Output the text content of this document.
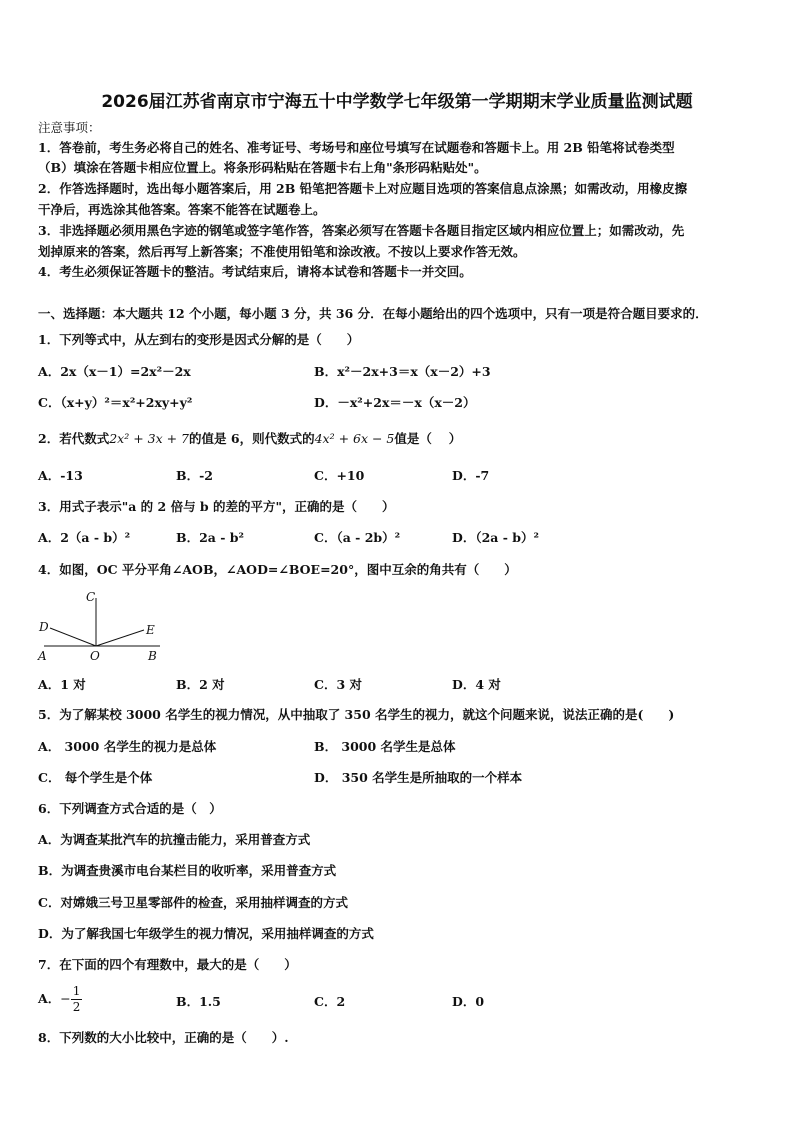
2026届江苏省南京市宁海五十中学数学七年级第一学期期末学业质量监测试题
注意事项：
1．答卷前，考生务必将自己的姓名、准考证号、考场号和座位号填写在试题卷和答题卡上。用 2B 铅笔将试卷类型
（B）填涂在答题卡相应位置上。将条形码粘贴在答题卡右上角"条形码粘贴处"。
2．作答选择题时，选出每小题答案后，用 2B 铅笔把答题卡上对应题目选项的答案信息点涂黑；如需改动，用橡皮擦
干净后，再选涂其他答案。答案不能答在试题卷上。
3．非选择题必须用黑色字迹的钢笔或签字笔作答，答案必须写在答题卡各题目指定区域内相应位置上；如需改动，先
划掉原来的答案，然后再写上新答案；不准使用铅笔和涂改液。不按以上要求作答无效。
4．考生必须保证答题卡的整洁。考试结束后，请将本试卷和答题卡一并交回。
一、选择题：本大题共 12 个小题，每小题 3 分，共 36 分．在每小题给出的四个选项中，只有一项是符合题目要求的．
1．下列等式中，从左到右的变形是因式分解的是（　　）
A．2x（x－1）=2x²－2x	B．x²－2x+3＝x（x－2）+3
C．（x+y）²＝x²+2xy+y²	D．－x²+2x＝－x（x－2）
2．若代数式2x² + 3x + 7的值是 6，则代数式的4x² + 6x − 5值是（　 ）
A．-13	B．-2	C．+10	D．-7
3．用式子表示"a 的 2 倍与 b 的差的平方"，正确的是（　　）
A．2（a - b）²	B．2a - b²	C．（a - 2b）²	D．（2a - b）²
4．如图，OC 平分平角∠AOB，∠AOD=∠BOE=20°，图中互余的角共有（　　）
C
D	E
A	O	B
A．1 对	B．2 对	C．3 对	D．4 对
5．为了解某校 3000 名学生的视力情况，从中抽取了 350 名学生的视力，就这个问题来说，说法正确的是(　　)
A． 3000 名学生的视力是总体	B． 3000 名学生是总体
C． 每个学生是个体	D． 350 名学生是所抽取的一个样本
6．下列调查方式合适的是（　）
A．为调查某批汽车的抗撞击能力，采用普查方式
B．为调查贵溪市电台某栏目的收听率，采用普查方式
C．对嫦娥三号卫星零部件的检查，采用抽样调查的方式
D．为了解我国七年级学生的视力情况，采用抽样调查的方式
7．在下面的四个有理数中，最大的是（　　）
A．− $\frac{1}{2}$	B．1.5	C．2	D．0
8．下列数的大小比较中，正确的是（　　）.
